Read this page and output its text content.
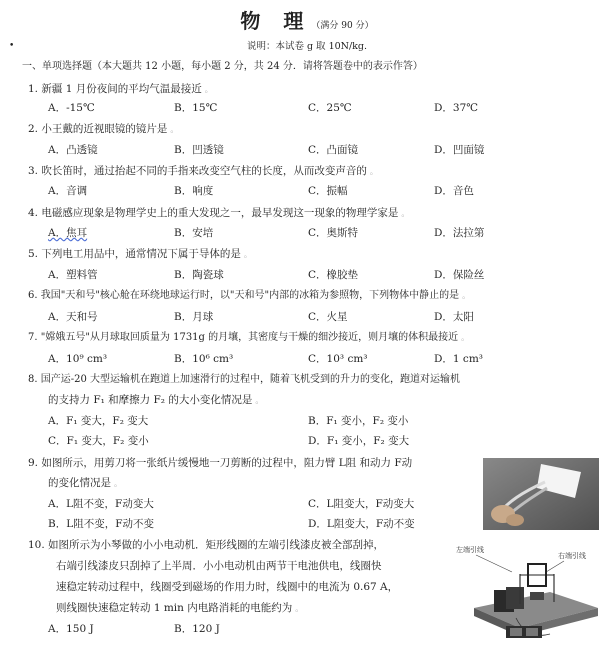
物 理（满分 90 分）
•	说明：本试卷 g 取 10N/kg.
一、单项选择题（本大题共 12 小题，每小题 2 分，共 24 分．请将答题卷中的表示作答）
1. 新疆 1 月份夜间的平均气温最接近 。
A．-15℃	B．15℃	C．25℃	D．37℃
2. 小王戴的近视眼镜的镜片是 。
A．凸透镜	B．凹透镜	C．凸面镜	D．凹面镜
3. 吹长笛时，通过抬起不同的手指来改变空气柱的长度，从而改变声音的 。
A．音调	B．响度	C．振幅	D．音色
4. 电磁感应现象是物理学史上的重大发现之一，最早发现这一现象的物理学家是 。
A．焦耳	B．安培	C．奥斯特	D．法拉第
5. 下列电工用品中，通常情况下属于导体的是 。
A．塑料管	B．陶瓷球	C．橡胶垫	D．保险丝
6. 我国"天和号"核心舱在环绕地球运行时，以"天和号"内部的冰箱为参照物，下列物体中静止的是 。
A．天和号	B．月球	C．火星	D．太阳
7. "嫦娥五号"从月球取回质量为 1731g 的月壤，其密度与干燥的细沙接近，则月壤的体积最接近 。
A．10⁹ cm³	B．10⁶ cm³	C．10³ cm³	D．1 cm³
8. 国产运-20 大型运输机在跑道上加速滑行的过程中，随着飞机受到的升力的变化，跑道对运输机
的支持力 F₁ 和摩擦力 F₂ 的大小变化情况是 。
A．F₁ 变大，F₂ 变大	B．F₁ 变小，F₂ 变小
C．F₁ 变大，F₂ 变小	D．F₁ 变小，F₂ 变大
9. 如图所示，用剪刀将一张纸片缓慢地一刀剪断的过程中，阻力臂 L阻 和动力 F动
的变化情况是 。
A．L阻不变，F动变大	C．L阻变大，F动变大
B．L阻不变，F动不变	D．L阻变大，F动不变
10. 如图所示为小琴做的小小电动机．矩形线圈的左端引线漆皮被全部刮掉，
右端引线漆皮只刮掉了上半周．小小电动机由两节干电池供电，线圈快
速稳定转动过程中，线圈受到磁场的作用力时，线圈中的电流为 0.67 A，
则线圈快速稳定转动 1 min 内电路消耗的电能约为 。
A．150 J	B．120 J
左端引线
右端引线
